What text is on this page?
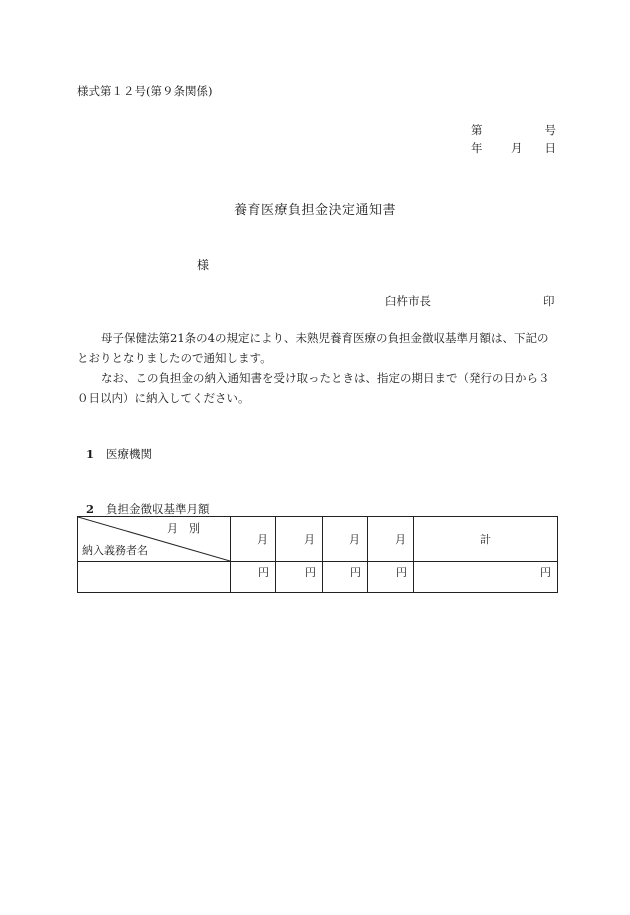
様式第１２号(第９条関係)
第	号
年 月 日
養育医療負担金決定通知書
様
臼杵市長	印
母子保健法第21条の4の規定により、未熟児養育医療の負担金徴収基準月額は、下記のとおりとなりましたので通知します。
なお、この負担金の納入通知書を受け取ったときは、指定の期日まで（発行の日から３０日以内）に納入してください。
1 医療機関
2 負担金徴収基準月額
月　別
納入義務者名	月	月	月	月	計
	円	円	円	円	円
